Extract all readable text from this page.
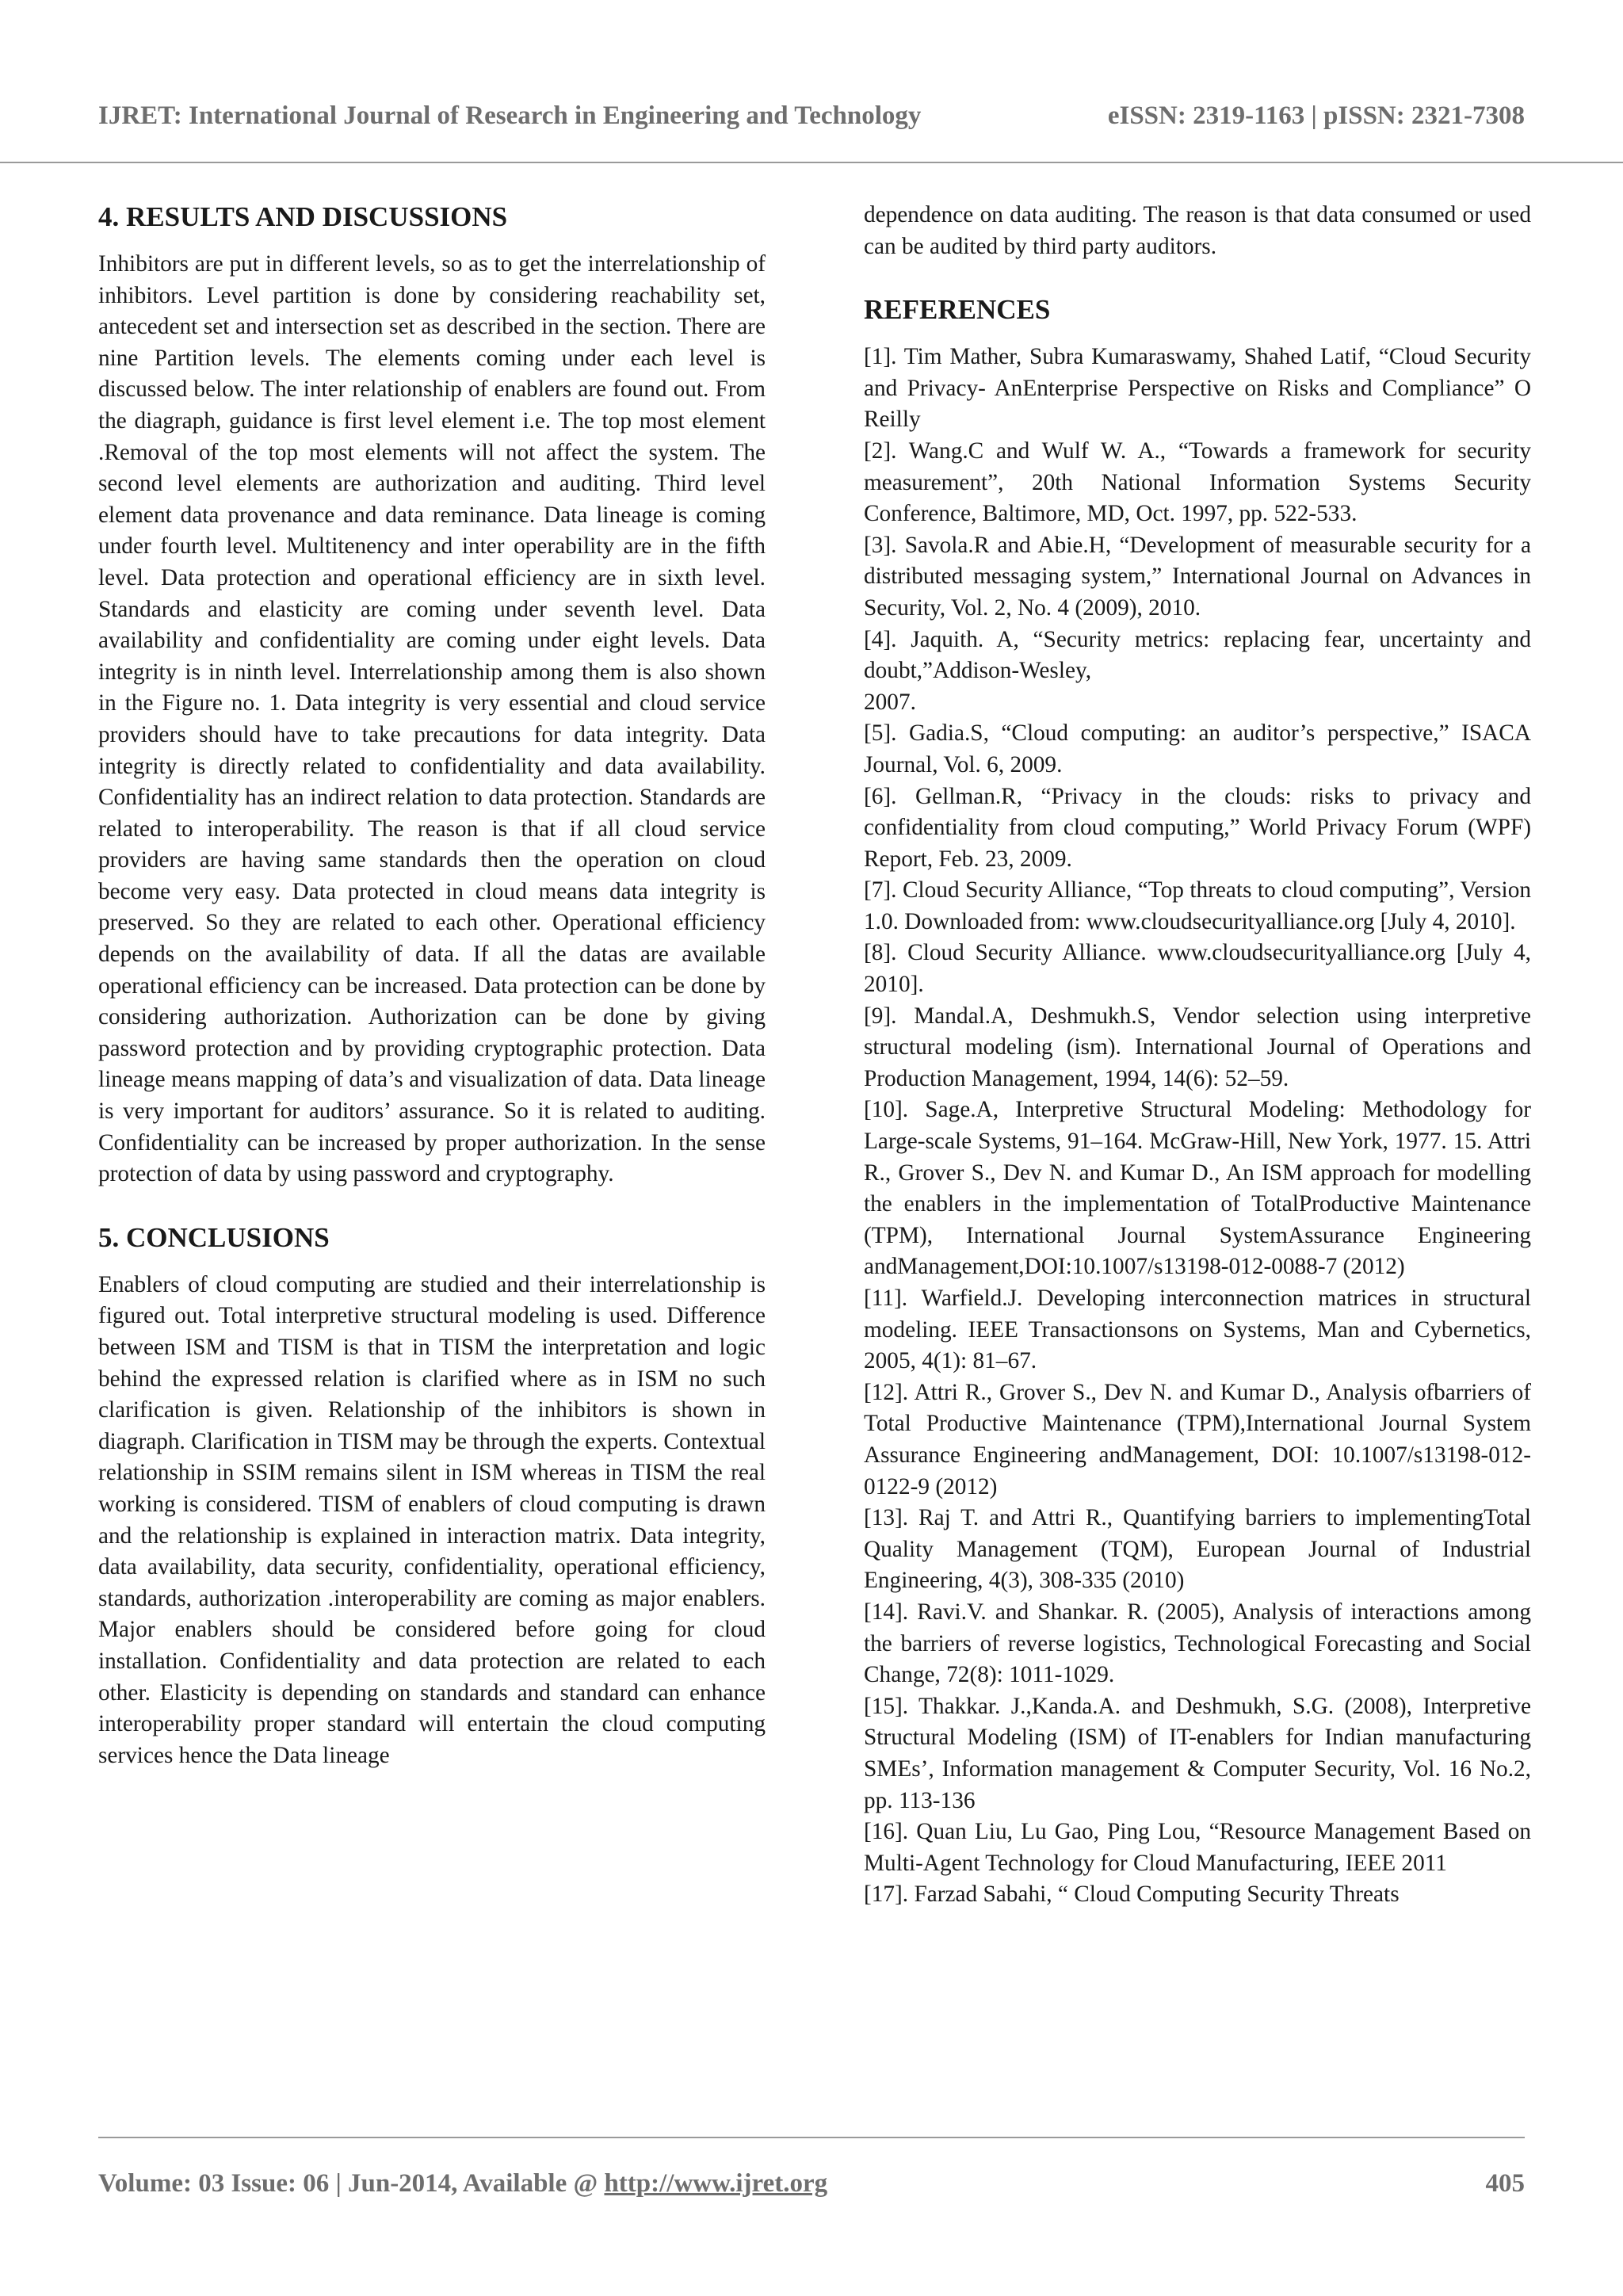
IJRET: International Journal of Research in Engineering and Technology	eISSN: 2319-1163 | pISSN: 2321-7308
4. RESULTS AND DISCUSSIONS

Inhibitors are put in different levels, so as to get the interrelationship of inhibitors. Level partition is done by considering reachability set, antecedent set and intersection set as described in the section. There are nine Partition levels. The elements coming under each level is discussed below. The inter relationship of enablers are found out. From the diagraph, guidance is first level element i.e. The top most element .Removal of the top most elements will not affect the system. The second level elements are authorization and auditing. Third level element data provenance and data reminance. Data lineage is coming under fourth level. Multitenency and inter operability are in the fifth level. Data protection and operational efficiency are in sixth level. Standards and elasticity are coming under seventh level. Data availability and confidentiality are coming under eight levels. Data integrity is in ninth level. Interrelationship among them is also shown in the Figure no. 1. Data integrity is very essential and cloud service providers should have to take precautions for data integrity. Data integrity is directly related to confidentiality and data availability. Confidentiality has an indirect relation to data protection. Standards are related to interoperability. The reason is that if all cloud service providers are having same standards then the operation on cloud become very easy. Data protected in cloud means data integrity is preserved. So they are related to each other. Operational efficiency depends on the availability of data. If all the datas are available operational efficiency can be increased. Data protection can be done by considering authorization. Authorization can be done by giving password protection and by providing cryptographic protection. Data lineage means mapping of data’s and visualization of data. Data lineage is very important for auditors’ assurance. So it is related to auditing. Confidentiality can be increased by proper authorization. In the sense protection of data by using password and cryptography.

5. CONCLUSIONS

Enablers of cloud computing are studied and their interrelationship is figured out. Total interpretive structural modeling is used. Difference between ISM and TISM is that in TISM the interpretation and logic behind the expressed relation is clarified where as in ISM no such clarification is given. Relationship of the inhibitors is shown in diagraph. Clarification in TISM may be through the experts. Contextual relationship in SSIM remains silent in ISM whereas in TISM the real working is considered. TISM of enablers of cloud computing is drawn and the relationship is explained in interaction matrix. Data integrity, data availability, data security, confidentiality, operational efficiency, standards, authorization .interoperability are coming as major enablers. Major enablers should be considered before going for cloud installation. Confidentiality and data protection are related to each other. Elasticity is depending on standards and standard can enhance interoperability proper standard will entertain the cloud computing services hence the Data lineage

dependence on data auditing. The reason is that data consumed or used can be audited by third party auditors.

REFERENCES

[1]. Tim Mather, Subra Kumaraswamy, Shahed Latif, “Cloud Security and Privacy- AnEnterprise Perspective on Risks and Compliance” O Reilly

[2]. Wang.C and Wulf W. A., “Towards a framework for security measurement”, 20th National Information Systems Security Conference, Baltimore, MD, Oct. 1997, pp. 522-533.

[3]. Savola.R and Abie.H, “Development of measurable security for a distributed messaging system,” International Journal on Advances in Security, Vol. 2, No. 4 (2009), 2010.

[4]. Jaquith. A, “Security metrics: replacing fear, uncertainty and doubt,”Addison-Wesley,

2007.

[5]. Gadia.S, “Cloud computing: an auditor’s perspective,” ISACA Journal, Vol. 6, 2009.

[6]. Gellman.R, “Privacy in the clouds: risks to privacy and confidentiality from cloud computing,” World Privacy Forum (WPF) Report, Feb. 23, 2009.

[7]. Cloud Security Alliance, “Top threats to cloud computing”, Version 1.0. Downloaded from: www.cloudsecurityalliance.org [July 4, 2010].

[8]. Cloud Security Alliance. www.cloudsecurityalliance.org [July 4, 2010].

[9]. Mandal.A, Deshmukh.S, Vendor selection using interpretive structural modeling (ism). International Journal of Operations and Production Management, 1994, 14(6): 52–59.

[10]. Sage.A, Interpretive Structural Modeling: Methodology for Large-scale Systems, 91–164. McGraw-Hill, New York, 1977. 15. Attri R., Grover S., Dev N. and Kumar D., An ISM approach for modelling the enablers in the implementation of TotalProductive Maintenance (TPM), International Journal SystemAssurance Engineering andManagement,DOI:10.1007/s13198-012-0088-7 (2012)

[11]. Warfield.J. Developing interconnection matrices in structural modeling. IEEE Transactionsons on Systems, Man and Cybernetics, 2005, 4(1): 81–67.

[12]. Attri R., Grover S., Dev N. and Kumar D., Analysis ofbarriers of Total Productive Maintenance (TPM),International Journal System Assurance Engineering andManagement, DOI: 10.1007/s13198-012-0122-9 (2012)

[13]. Raj T. and Attri R., Quantifying barriers to implementingTotal Quality Management (TQM), European Journal of Industrial Engineering, 4(3), 308-335 (2010)

[14]. Ravi.V. and Shankar. R. (2005), Analysis of interactions among the barriers of reverse logistics, Technological Forecasting and Social Change, 72(8): 1011-1029.

[15]. Thakkar. J.,Kanda.A. and Deshmukh, S.G. (2008), Interpretive Structural Modeling (ISM) of IT-enablers for Indian manufacturing SMEs’, Information management & Computer Security, Vol. 16 No.2, pp. 113-136

[16]. Quan Liu, Lu Gao, Ping Lou, “Resource Management Based on Multi-Agent Technology for Cloud Manufacturing, IEEE 2011

[17]. Farzad Sabahi, “ Cloud Computing Security Threats

Volume: 03 Issue: 06 | Jun-2014, Available @ http://www.ijret.org	405
